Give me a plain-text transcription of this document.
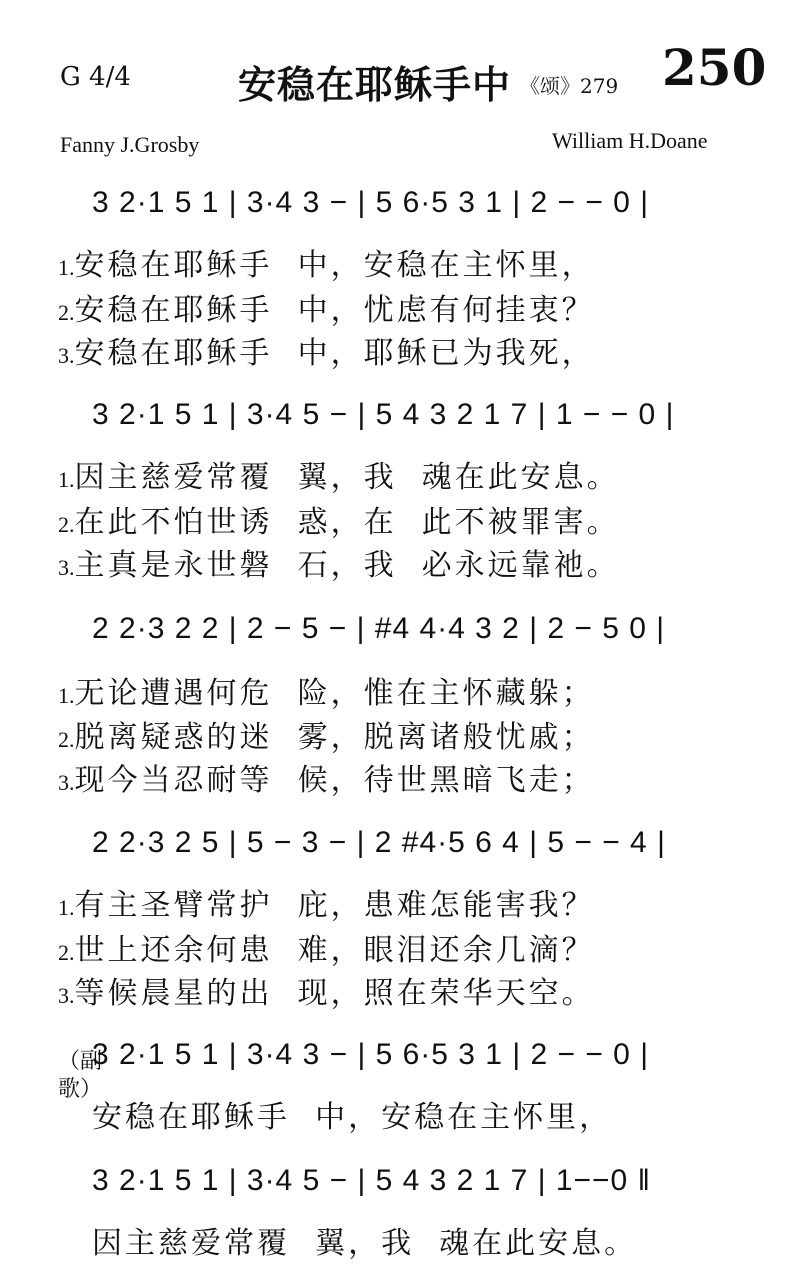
G 4/4	安稳在耶稣手中 《颂》279 250
Fanny J.Grosby	William H.Doane
3 2·1 5 1 | 3·4 3 − | 5 6·5 3 1 | 2 − − 0 |
1.安稳在耶稣手  中，安稳在主怀里，
2.安稳在耶稣手  中，忧虑有何挂衷？
3.安稳在耶稣手  中，耶稣已为我死，
3 2·1 5 1 | 3·4 5 − | 5 4 3 2 1 7 | 1 − − 0 |
1.因主慈爱常覆  翼，我  魂在此安息。
2.在此不怕世诱  惑，在  此不被罪害。
3.主真是永世磐  石，我  必永远靠祂。
2 2·3 2 2 | 2 − 5 − | #4 4·4 3 2 | 2 − 5 0 |
1.无论遭遇何危  险，惟在主怀藏躲；
2.脱离疑惑的迷  雾，脱离诸般忧戚；
3.现今当忍耐等  候，待世黑暗飞走；
2 2·3 2 5 | 5 − 3 − | 2 #4·5 6 4 | 5 − − 4 |
1.有主圣臂常护  庇，患难怎能害我？
2.世上还余何患  难，眼泪还余几滴？
3.等候晨星的出  现，照在荣华天空。
（副歌）
3 2·1 5 1 | 3·4 3 − | 5 6·5 3 1 | 2 − − 0 |
安稳在耶稣手  中，安稳在主怀里，
3 2·1 5 1 | 3·4 5 − | 5 4 3 2 1 7 | 1−−0 ‖
因主慈爱常覆  翼，我  魂在此安息。
